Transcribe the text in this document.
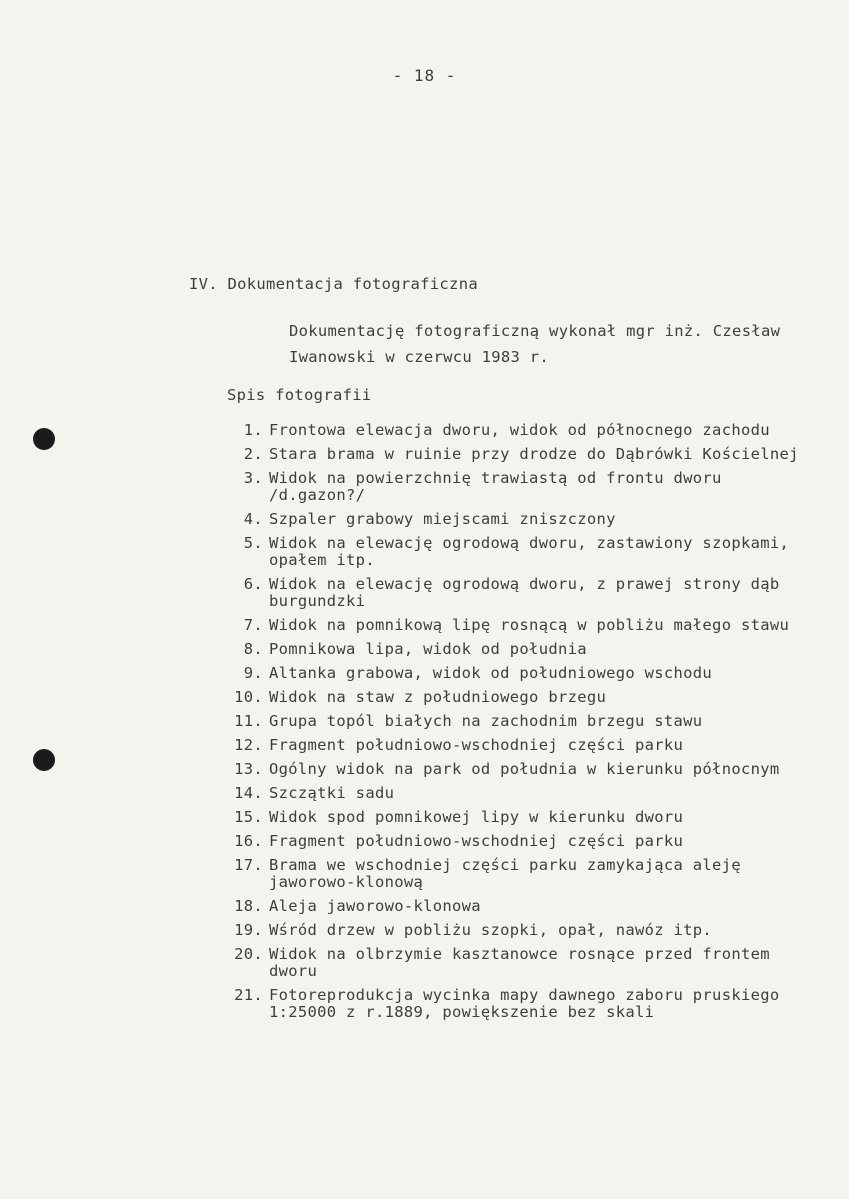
- 18 -
IV. Dokumentacja fotograficzna
Dokumentację fotograficzną wykonał mgr inż. Czesław
Iwanowski w czerwcu 1983 r.
Spis fotografii
1. Frontowa elewacja dworu, widok od północnego zachodu
2. Stara brama w ruinie przy drodze do Dąbrówki Kościelnej
3. Widok na powierzchnię trawiastą od frontu dworu
/d.gazon?/
4. Szpaler grabowy miejscami zniszczony
5. Widok na elewację ogrodową dworu, zastawiony szopkami,
opałem itp.
6. Widok na elewację ogrodową dworu, z prawej strony dąb
burgundzki
7. Widok na pomnikową lipę rosnącą w pobliżu małego stawu
8. Pomnikowa lipa, widok od południa
9. Altanka grabowa, widok od południowego wschodu
10. Widok na staw z południowego brzegu
11. Grupa topól białych na zachodnim brzegu stawu
12. Fragment południowo-wschodniej części parku
13. Ogólny widok na park od południa w kierunku północnym
14. Szczątki sadu
15. Widok spod pomnikowej lipy w kierunku dworu
16. Fragment południowo-wschodniej części parku
17. Brama we wschodniej części parku zamykająca aleję
jaworowo-klonową
18. Aleja jaworowo-klonowa
19. Wśród drzew w pobliżu szopki, opał, nawóz itp.
20. Widok na olbrzymie kasztanowce rosnące przed frontem
dworu
21. Fotoreprodukcja wycinka mapy dawnego zaboru pruskiego
1:25000 z r.1889, powiększenie bez skali
